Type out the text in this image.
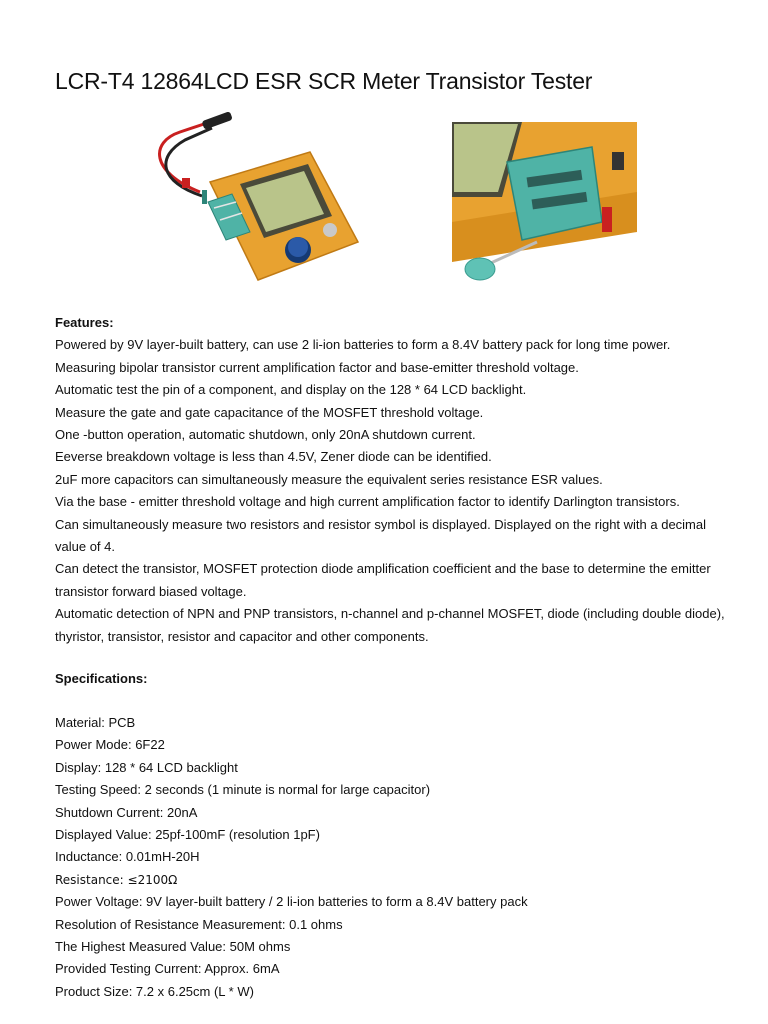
LCR-T4 12864LCD ESR SCR Meter Transistor Tester

Features:

Powered by 9V layer-built battery, can use 2 li-ion batteries to form a 8.4V battery pack for long time power.

Measuring bipolar transistor current amplification factor and base-emitter threshold voltage.

Automatic test the pin of a component, and display on the 128 * 64 LCD backlight.

Measure the gate and gate capacitance of the MOSFET threshold voltage.

One -button operation, automatic shutdown, only 20nA shutdown current.

Eeverse breakdown voltage is less than 4.5V, Zener diode can be identified.

2uF more capacitors can simultaneously measure the equivalent series resistance ESR values.

Via the base - emitter threshold voltage and high current amplification factor to identify Darlington transistors.

Can simultaneously measure two resistors and resistor symbol is displayed. Displayed on the right with a decimal value of 4.

Can detect the transistor, MOSFET protection diode amplification coefficient and the base to determine the emitter transistor forward biased voltage.

Automatic detection of NPN and PNP transistors, n-channel and p-channel MOSFET, diode (including double diode), thyristor, transistor, resistor and capacitor and other components.

Specifications:

Material: PCB

Power Mode: 6F22

Display: 128 * 64 LCD backlight

Testing Speed: 2 seconds (1 minute is normal for large capacitor)

Shutdown Current: 20nA

Displayed Value: 25pf-100mF (resolution 1pF)

Inductance: 0.01mH-20H

Resistance: ≤2100Ω

Power Voltage: 9V layer-built battery / 2 li-ion batteries to form a 8.4V battery pack

Resolution of Resistance Measurement: 0.1 ohms

The Highest Measured Value: 50M ohms

Provided Testing Current: Approx. 6mA

Product Size: 7.2 x 6.25cm (L * W)
